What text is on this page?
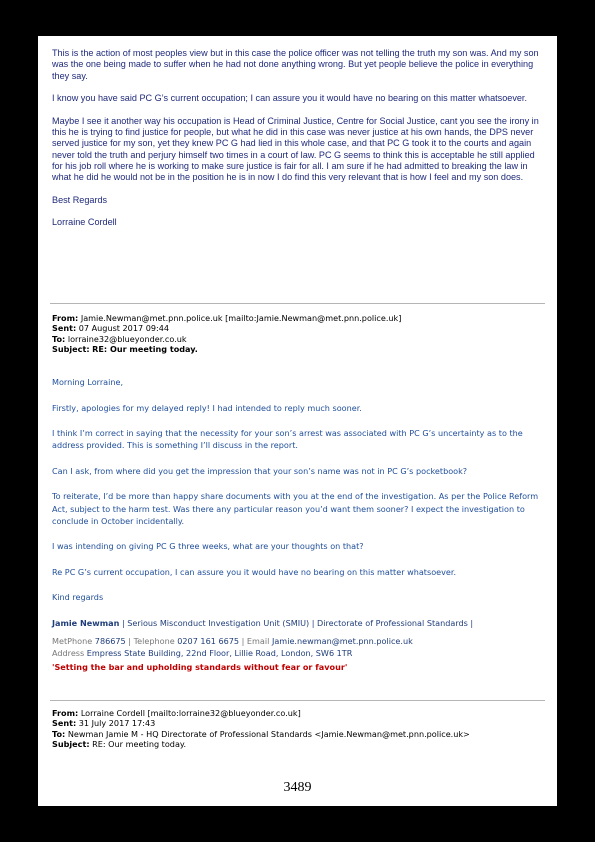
This is the action of most peoples view but in this case the police officer was not telling the truth my son was. And my son was the one being made to suffer when he had not done anything wrong. But yet people believe the police in everything they say.

I know you have said PC G’s current occupation; I can assure you it would have no bearing on this matter whatsoever.

Maybe I see it another way his occupation is Head of Criminal Justice, Centre for Social Justice, cant you see the irony in this he is trying to find justice for people, but what he did in this case was never justice at his own hands, the DPS never served justice for my son, yet they knew PC G had lied in this whole case, and that PC G took it to the courts and again never told the truth and perjury himself two times in a court of law. PC G seems to think this is acceptable he still applied for his job roll where he is working to make sure justice is fair for all. I am sure if he had admitted to breaking the law in what he did he would not be in the position he is in now I do find this very relevant that is how I feel and my son does.

Best Regards

Lorraine Cordell

From: Jamie.Newman@met.pnn.police.uk [mailto:Jamie.Newman@met.pnn.police.uk]
Sent: 07 August 2017 09:44
To: lorraine32@blueyonder.co.uk
Subject: RE: Our meeting today.

Morning Lorraine,

Firstly, apologies for my delayed reply! I had intended to reply much sooner.

I think I’m correct in saying that the necessity for your son’s arrest was associated with PC G’s uncertainty as to the address provided. This is something I’ll discuss in the report.

Can I ask, from where did you get the impression that your son’s name was not in PC G’s pocketbook?

To reiterate, I’d be more than happy share documents with you at the end of the investigation. As per the Police Reform Act, subject to the harm test. Was there any particular reason you’d want them sooner? I expect the investigation to conclude in October incidentally.

I was intending on giving PC G three weeks, what are your thoughts on that?

Re PC G’s current occupation, I can assure you it would have no bearing on this matter whatsoever.

Kind regards

Jamie Newman | Serious Misconduct Investigation Unit (SMIU) | Directorate of Professional Standards |
MetPhone 786675 | Telephone 0207 161 6675 | Email Jamie.newman@met.pnn.police.uk
Address Empress State Building, 22nd Floor, Lillie Road, London, SW6 1TR
'Setting the bar and upholding standards without fear or favour'
From: Lorraine Cordell [mailto:lorraine32@blueyonder.co.uk]
Sent: 31 July 2017 17:43
To: Newman Jamie M - HQ Directorate of Professional Standards <Jamie.Newman@met.pnn.police.uk>
Subject: RE: Our meeting today.
3489
